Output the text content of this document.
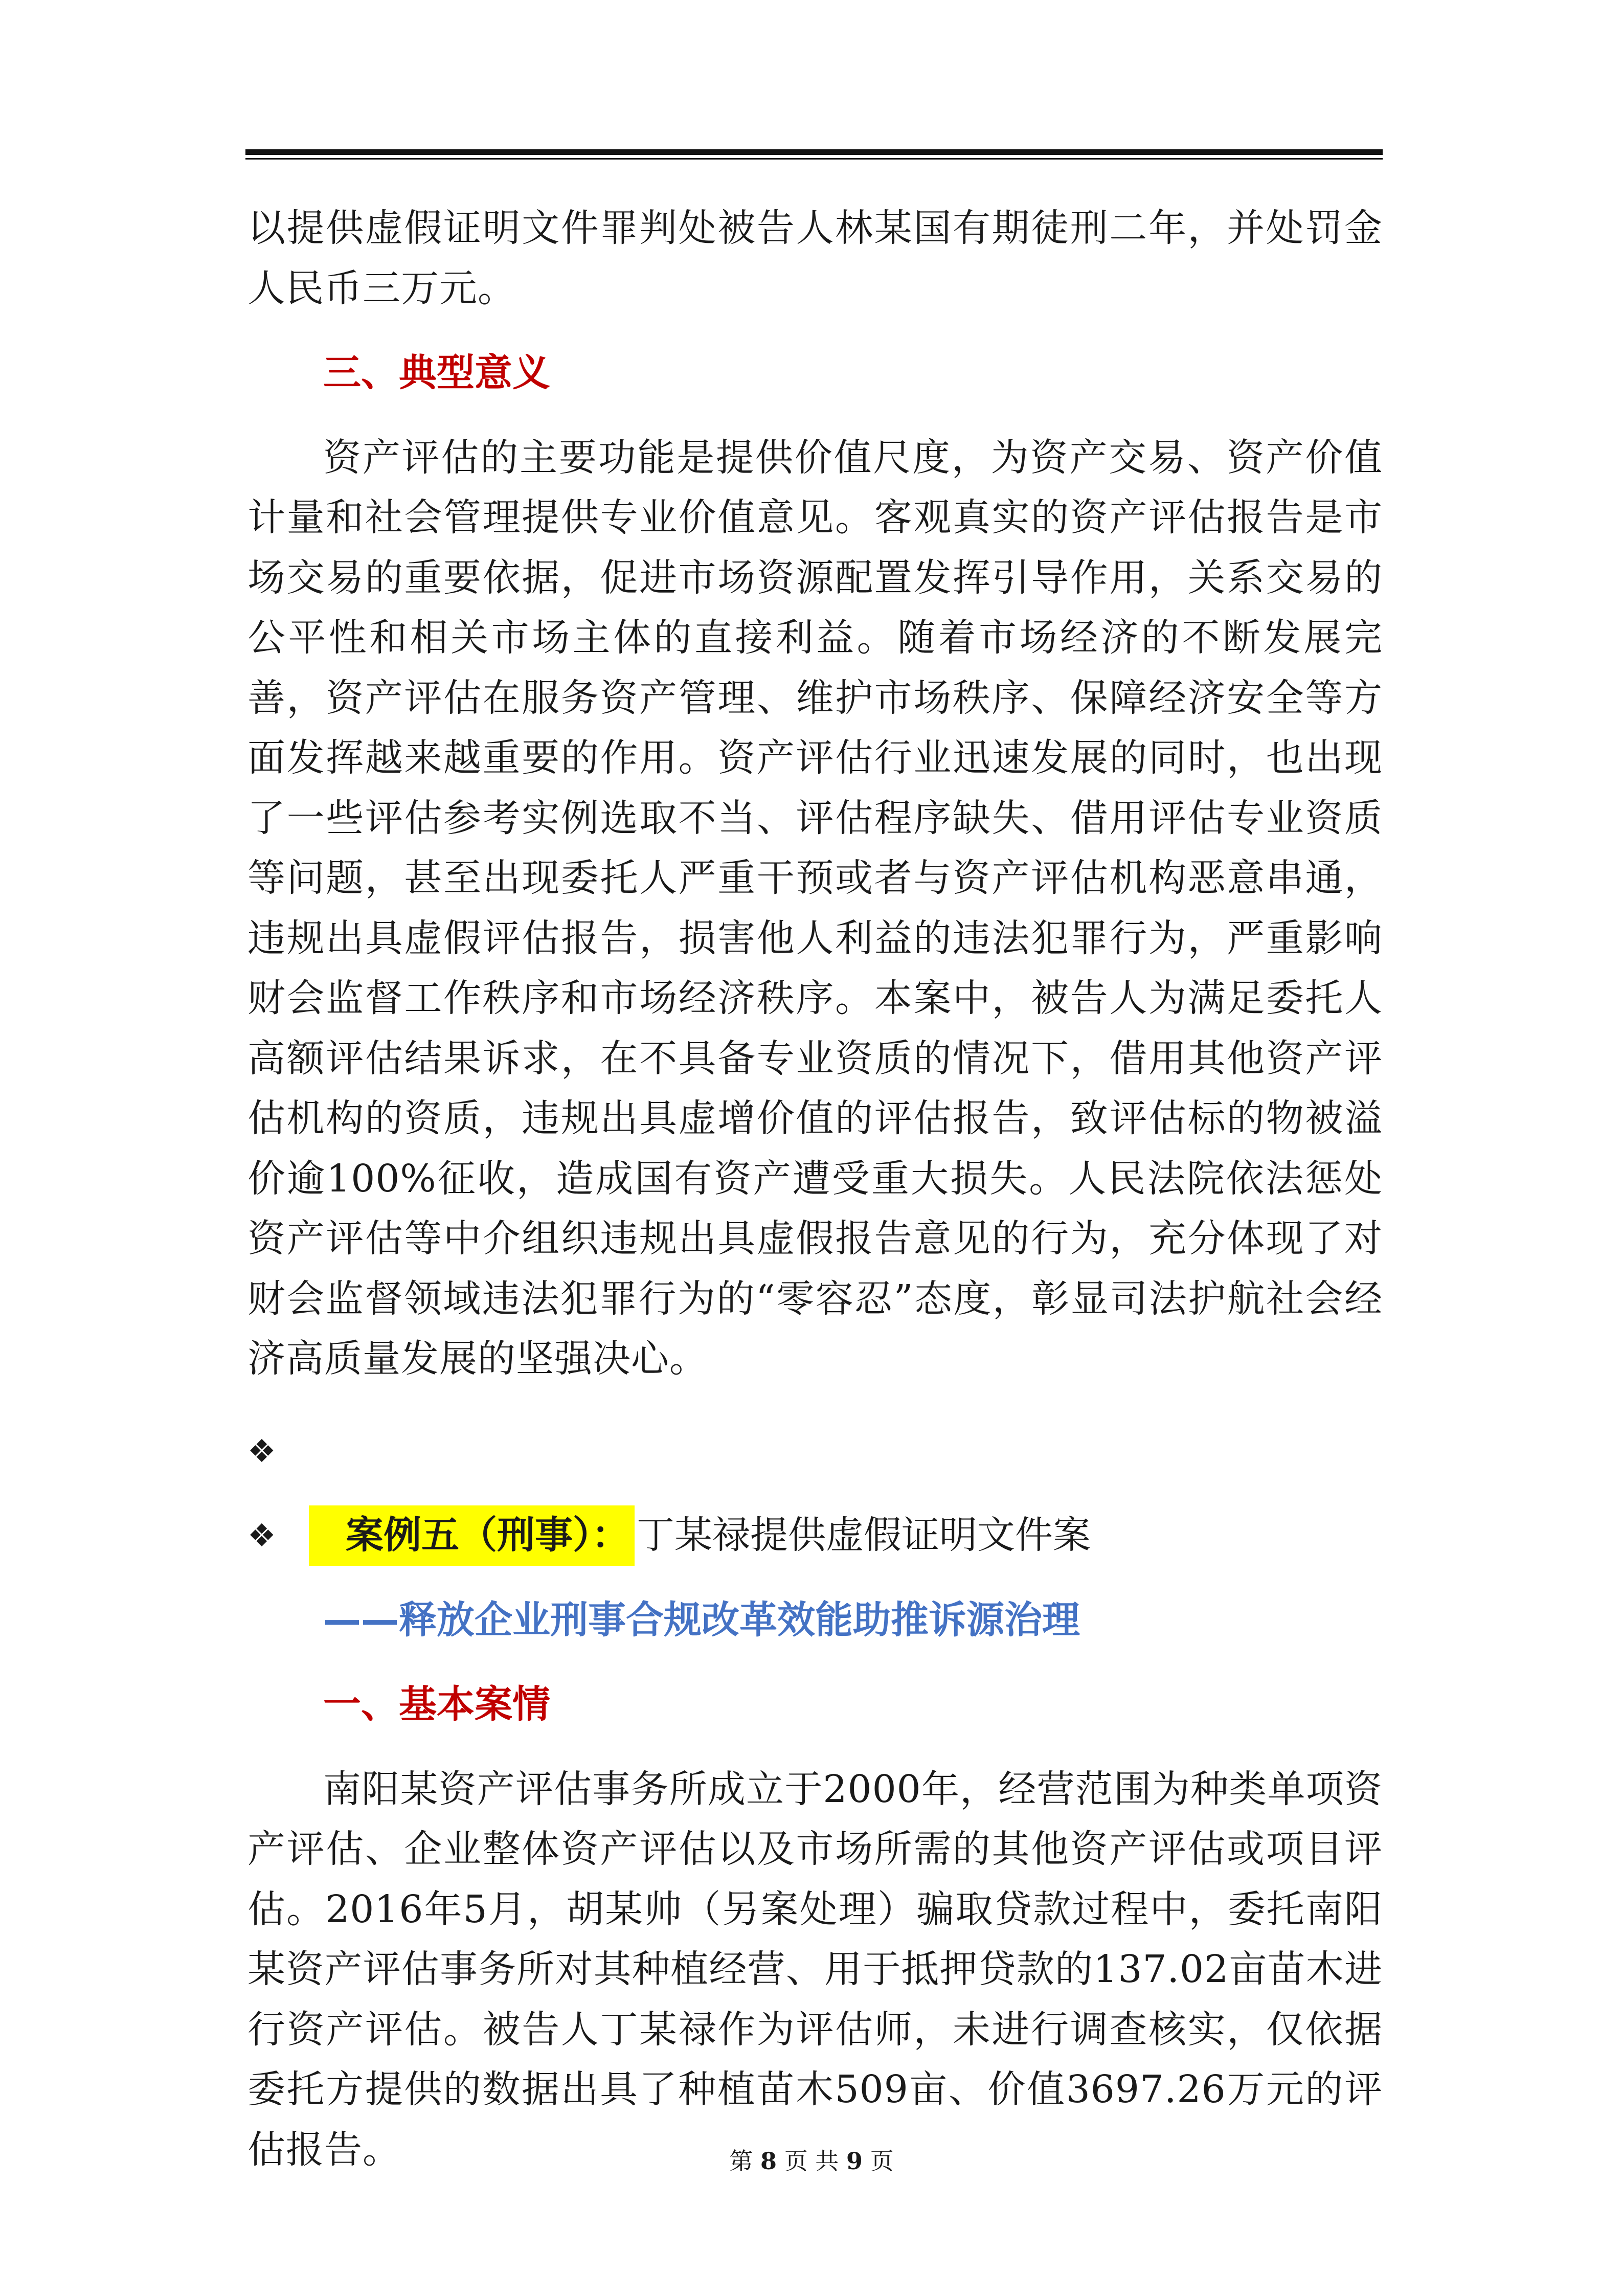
以提供虚假证明文件罪判处被告人林某国有期徒刑二年，并处罚金人民币三万元。

三、典型意义

资产评估的主要功能是提供价值尺度，为资产交易、资产价值计量和社会管理提供专业价值意见。客观真实的资产评估报告是市场交易的重要依据，促进市场资源配置发挥引导作用，关系交易的公平性和相关市场主体的直接利益。随着市场经济的不断发展完善，资产评估在服务资产管理、维护市场秩序、保障经济安全等方面发挥越来越重要的作用。资产评估行业迅速发展的同时，也出现了一些评估参考实例选取不当、评估程序缺失、借用评估专业资质等问题，甚至出现委托人严重干预或者与资产评估机构恶意串通，违规出具虚假评估报告，损害他人利益的违法犯罪行为，严重影响财会监督工作秩序和市场经济秩序。本案中，被告人为满足委托人高额评估结果诉求，在不具备专业资质的情况下，借用其他资产评估机构的资质，违规出具虚增价值的评估报告，致评估标的物被溢价逾100%征收，造成国有资产遭受重大损失。人民法院依法惩处资产评估等中介组织违规出具虚假报告意见的行为，充分体现了对财会监督领域违法犯罪行为的“零容忍”态度，彰显司法护航社会经济高质量发展的坚强决心。

❖

❖	案例五（刑事）： 丁某禄提供虚假证明文件案

——释放企业刑事合规改革效能助推诉源治理

一、基本案情

南阳某资产评估事务所成立于2000年，经营范围为种类单项资产评估、企业整体资产评估以及市场所需的其他资产评估或项目评估。2016年5月，胡某帅（另案处理）骗取贷款过程中，委托南阳某资产评估事务所对其种植经营、用于抵押贷款的137.02亩苗木进行资产评估。被告人丁某禄作为评估师，未进行调查核实，仅依据委托方提供的数据出具了种植苗木509亩、价值3697.26万元的评估报告。	第 8 页 共 9 页
